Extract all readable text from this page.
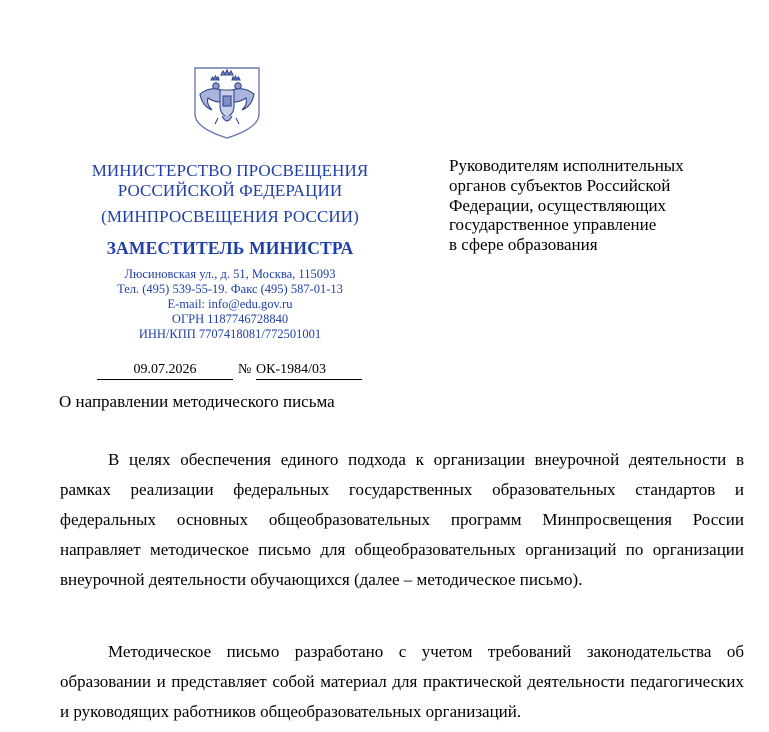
МИНИСТЕРСТВО ПРОСВЕЩЕНИЯ
РОССИЙСКОЙ ФЕДЕРАЦИИ
(МИНПРОСВЕЩЕНИЯ РОССИИ)
ЗАМЕСТИТЕЛЬ МИНИСТРА
Люсиновская ул., д. 51, Москва, 115093
Тел. (495) 539-55-19. Факс (495) 587-01-13
E-mail: info@edu.gov.ru
ОГРН 1187746728840
ИНН/КПП 7707418081/772501001
09.07.2026	№ ОК-1984/03
Руководителям исполнительных
органов субъектов Российской
Федерации, осуществляющих
государственное управление
в сфере образования
О направлении методического письма

В целях обеспечения единого подхода к организации внеурочной деятельности в рамках реализации федеральных государственных образовательных стандартов и федеральных основных общеобразовательных программ Минпросвещения России направляет методическое письмо для общеобразовательных организаций по организации внеурочной деятельности обучающихся (далее – методическое письмо).

Методическое письмо разработано с учетом требований законодательства об образовании и представляет собой материал для практической деятельности педагогических и руководящих работников общеобразовательных организаций.
